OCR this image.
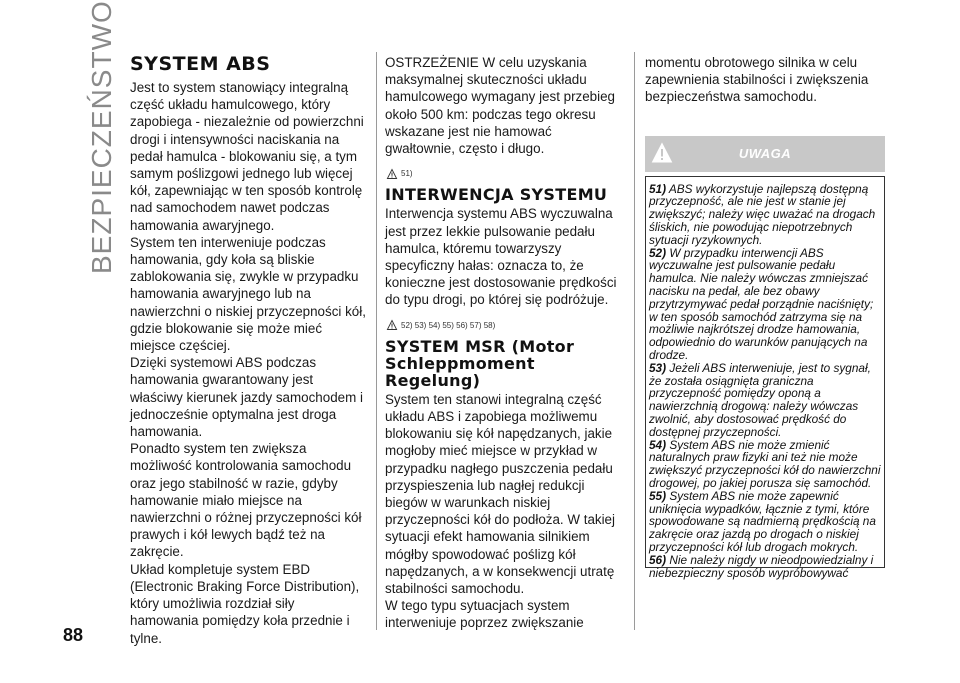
BEZPIECZEŃSTWO SYSTEM ABS

Jest to system stanowiący integralną część układu hamulcowego, który zapobiega - niezależnie od powierzchni drogi i intensywności naciskania na pedał hamulca - blokowaniu się, a tym samym poślizgowi jednego lub więcej kół, zapewniając w ten sposób kontrolę nad samochodem nawet podczas hamowania awaryjnego.

System ten interweniuje podczas hamowania, gdy koła są bliskie zablokowania się, zwykle w przypadku hamowania awaryjnego lub na nawierzchni o niskiej przyczepności kół, gdzie blokowanie się może mieć miejsce częściej.

Dzięki systemowi ABS podczas hamowania gwarantowany jest właściwy kierunek jazdy samochodem i jednocześnie optymalna jest droga hamowania.

Ponadto system ten zwiększa możliwość kontrolowania samochodu oraz jego stabilność w razie, gdyby hamowanie miało miejsce na nawierzchni o różnej przyczepności kół prawych i kół lewych bądź też na zakręcie.

Układ kompletuje system EBD (Electronic Braking Force Distribution), który umożliwia rozdział siły hamowania pomiędzy koła przednie i tylne.

OSTRZEŻENIE W celu uzyskania maksymalnej skuteczności układu hamulcowego wymagany jest przebieg około 500 km: podczas tego okresu wskazane jest nie hamować gwałtownie, często i długo.

51)
INTERWENCJA SYSTEMU

Interwencja systemu ABS wyczuwalna jest przez lekkie pulsowanie pedału hamulca, któremu towarzyszy specyficzny hałas: oznacza to, że konieczne jest dostosowanie prędkości do typu drogi, po której się podróżuje.

52) 53) 54) 55) 56) 57) 58)
SYSTEM MSR (Motor Schleppmoment Regelung)

System ten stanowi integralną część układu ABS i zapobiega możliwemu blokowaniu się kół napędzanych, jakie mogłoby mieć miejsce w przykład w przypadku nagłego puszczenia pedału przyspieszenia lub nagłej redukcji biegów w warunkach niskiej przyczepności kół do podłoża. W takiej sytuacji efekt hamowania silnikiem mógłby spowodować poślizg kół napędzanych, a w konsekwencji utratę stabilności samochodu.

W tego typu sytuacjach system interweniuje poprzez zwiększanie

momentu obrotowego silnika w celu zapewnienia stabilności i zwiększenia bezpieczeństwa samochodu.

UWAGA

51) ABS wykorzystuje najlepszą dostępną przyczepność, ale nie jest w stanie jej zwiększyć; należy więc uważać na drogach śliskich, nie powodując niepotrzebnych sytuacji ryzykownych.

52) W przypadku interwencji ABS wyczuwalne jest pulsowanie pedału hamulca. Nie należy wówczas zmniejszać nacisku na pedał, ale bez obawy przytrzymywać pedał porządnie naciśnięty; w ten sposób samochód zatrzyma się na możliwie najkrótszej drodze hamowania, odpowiednio do warunków panujących na drodze.

53) Jeżeli ABS interweniuje, jest to sygnał, że została osiągnięta graniczna przyczepność pomiędzy oponą a nawierzchnią drogową: należy wówczas zwolnić, aby dostosować prędkość do dostępnej przyczepności.

54) System ABS nie może zmienić naturalnych praw fizyki ani też nie może zwiększyć przyczepności kół do nawierzchni drogowej, po jakiej porusza się samochód.

55) System ABS nie może zapewnić uniknięcia wypadków, łącznie z tymi, które spowodowane są nadmierną prędkością na zakręcie oraz jazdą po drogach o niskiej przyczepności kół lub drogach mokrych.

56) Nie należy nigdy w nieodpowiedzialny i niebezpieczny sposób wypróbowywać

88
